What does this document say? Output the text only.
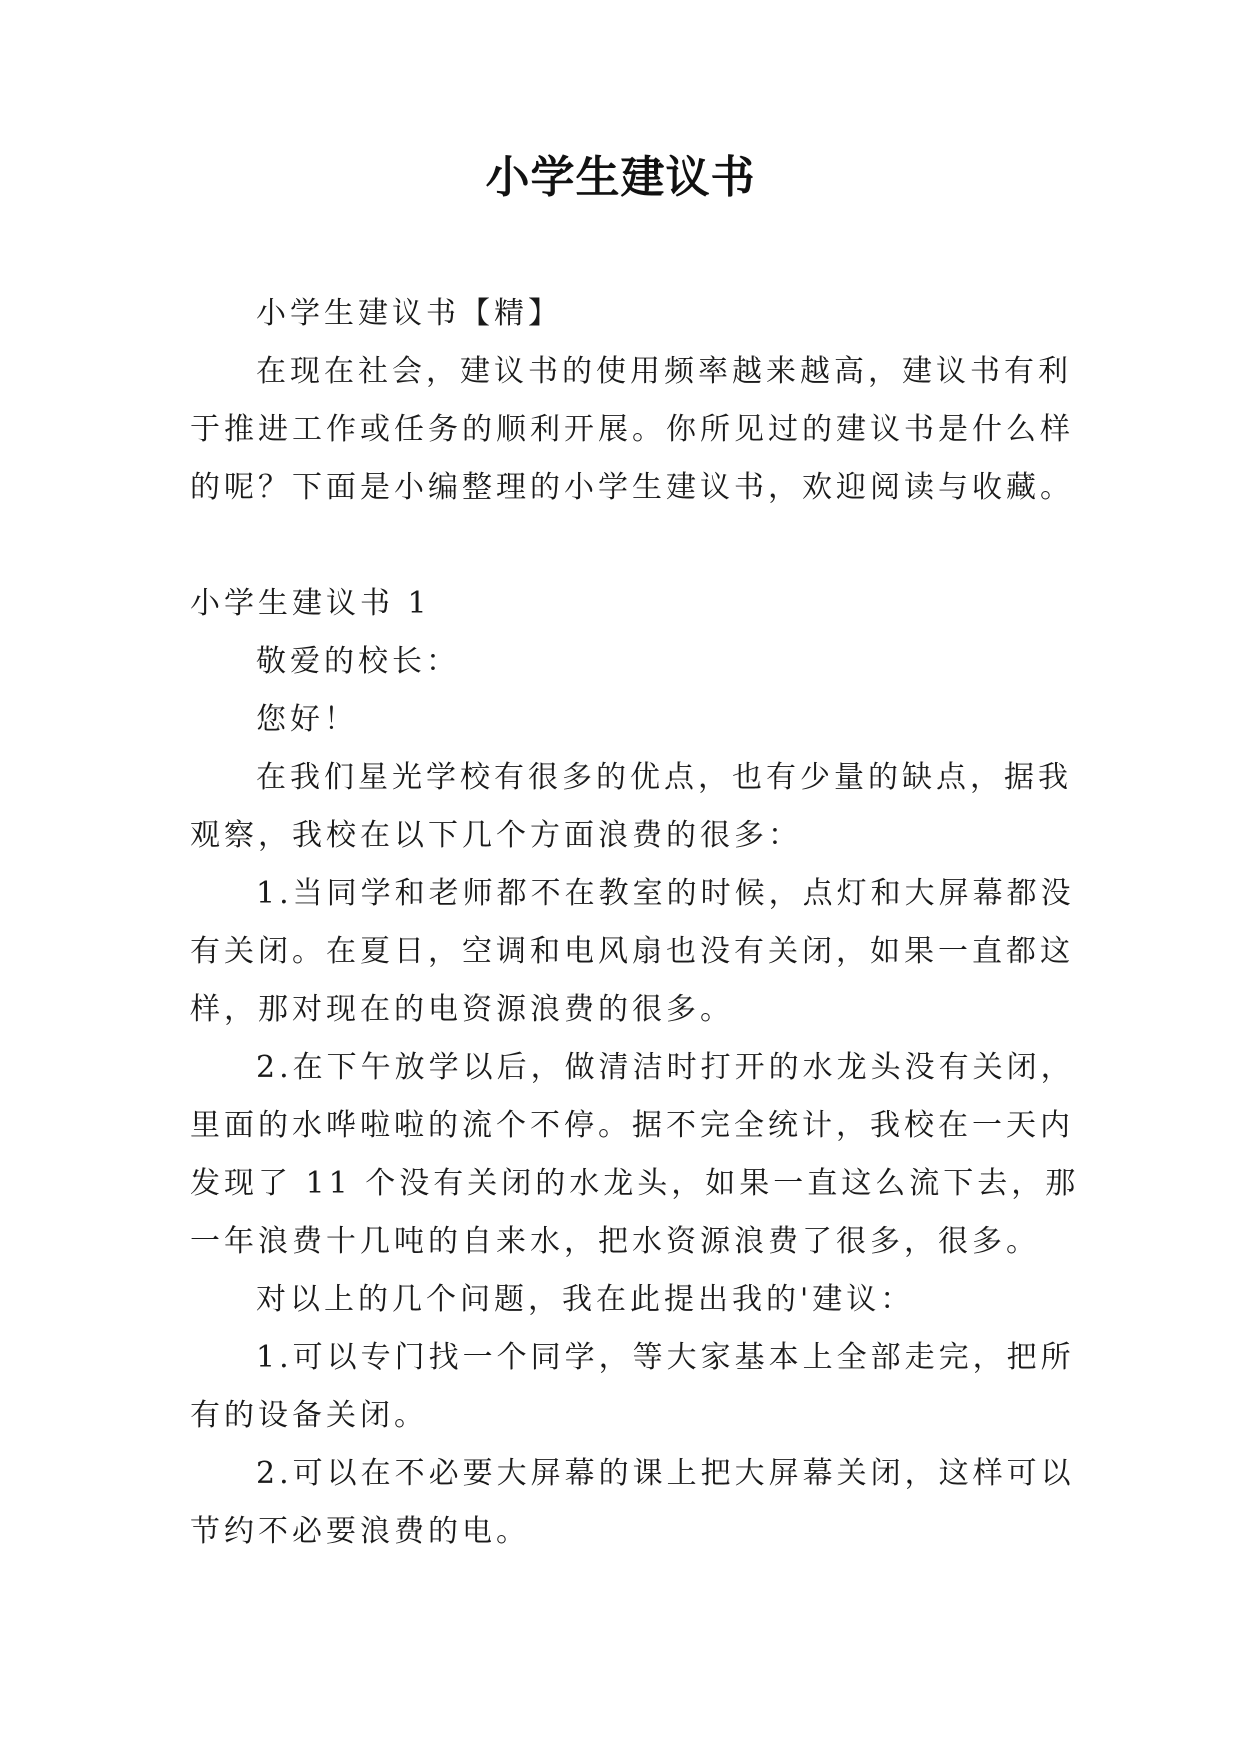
小学生建议书
小学生建议书【精】
在现在社会，建议书的使用频率越来越高，建议书有利
于推进工作或任务的顺利开展。你所见过的建议书是什么样
的呢？下面是小编整理的小学生建议书，欢迎阅读与收藏。
小学生建议书 1
敬爱的校长：
您好！
在我们星光学校有很多的优点，也有少量的缺点，据我
观察，我校在以下几个方面浪费的很多：
1.当同学和老师都不在教室的时候，点灯和大屏幕都没
有关闭。在夏日，空调和电风扇也没有关闭，如果一直都这
样，那对现在的电资源浪费的很多。
2.在下午放学以后，做清洁时打开的水龙头没有关闭，
里面的水哗啦啦的流个不停。据不完全统计，我校在一天内
发现了 11 个没有关闭的水龙头，如果一直这么流下去，那
一年浪费十几吨的自来水，把水资源浪费了很多，很多。
对以上的几个问题，我在此提出我的'建议：
1.可以专门找一个同学，等大家基本上全部走完，把所
有的设备关闭。
2.可以在不必要大屏幕的课上把大屏幕关闭，这样可以
节约不必要浪费的电。
